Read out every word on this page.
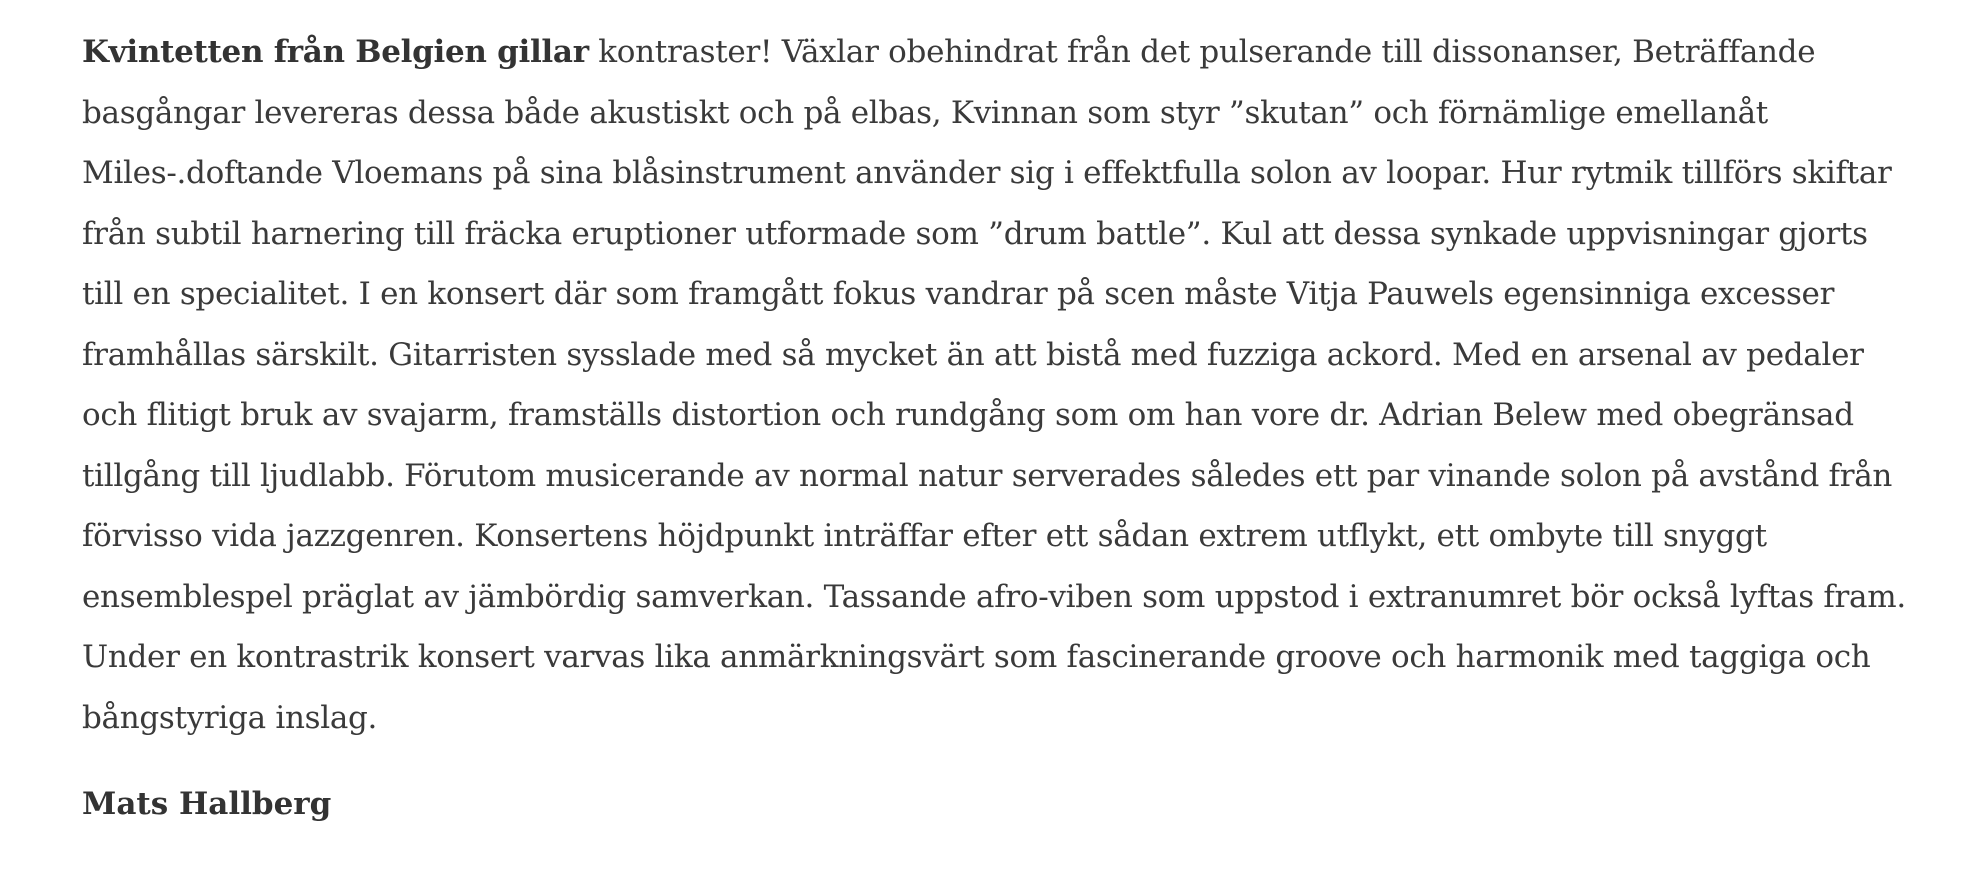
Kvintetten från Belgien gillar kontraster! Växlar obehindrat från det pulserande till dissonanser, Beträffande basgångar levereras dessa både akustiskt och på elbas, Kvinnan som styr ”skutan” och förnämlige emellanåt Miles-.doftande Vloemans på sina blåsinstrument använder sig i effektfulla solon av loopar. Hur rytmik tillförs skiftar från subtil harnering till fräcka eruptioner utformade som ”drum battle”. Kul att dessa synkade uppvisningar gjorts till en specialitet. I en konsert där som framgått fokus vandrar på scen måste Vitja Pauwels egensinniga excesser framhållas särskilt. Gitarristen sysslade med så mycket än att bistå med fuzziga ackord. Med en arsenal av pedaler och flitigt bruk av svajarm, framställs distortion och rundgång som om han vore dr. Adrian Belew med obegränsad tillgång till ljudlabb. Förutom musicerande av normal natur serverades således ett par vinande solon på avstånd från förvisso vida jazzgenren. Konsertens höjdpunkt inträffar efter ett sådan extrem utflykt, ett ombyte till snyggt ensemblespel präglat av jämbördig samverkan. Tassande afro-viben som uppstod i extranumret bör också lyftas fram. Under en kontrastrik konsert varvas lika anmärkningsvärt som fascinerande groove och harmonik med taggiga och bångstyriga inslag.

Mats Hallberg
